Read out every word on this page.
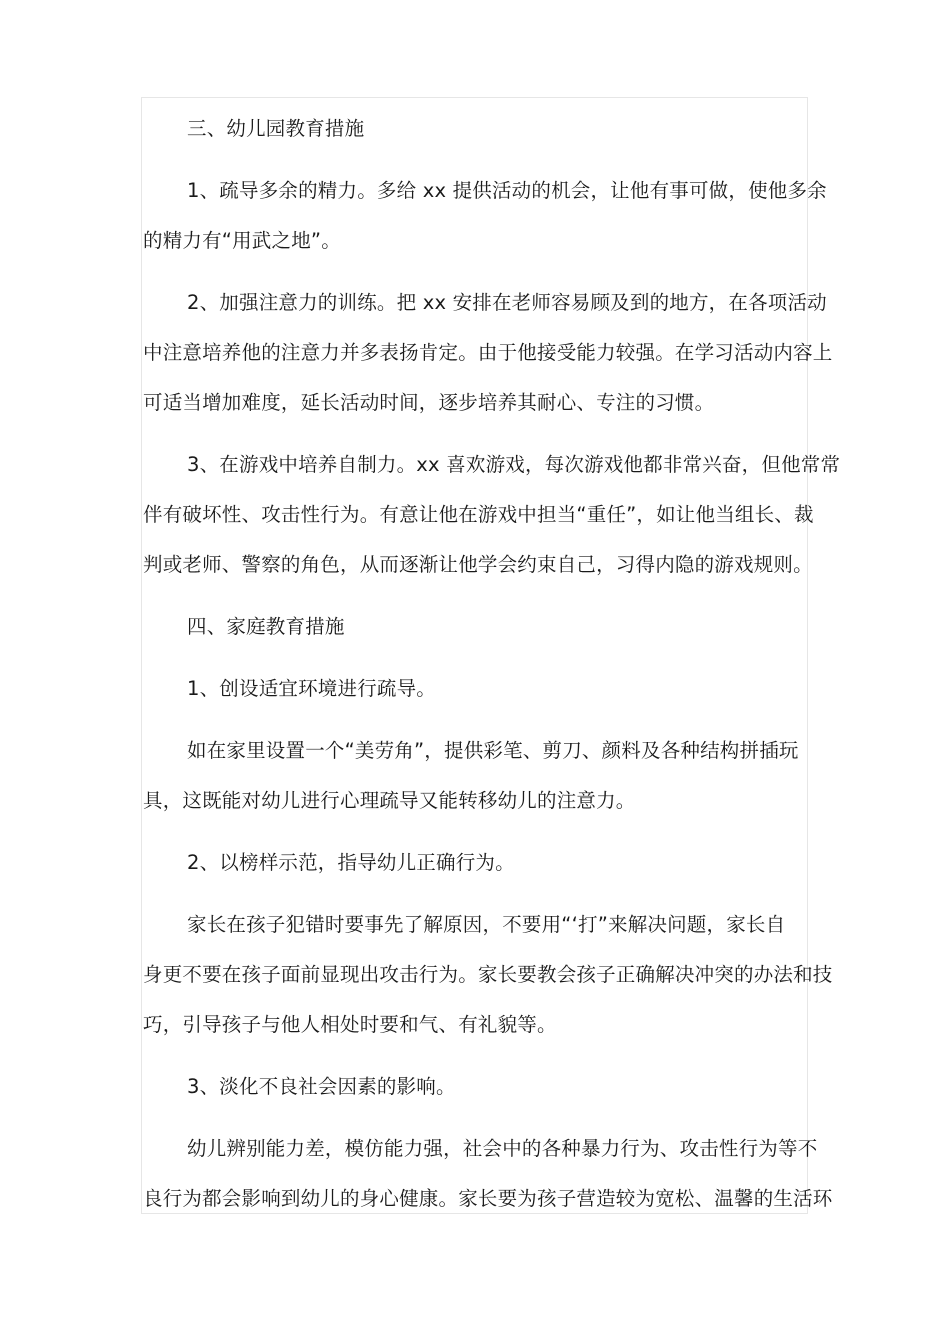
三、幼儿园教育措施

1、疏导多余的精力。多给 xx 提供活动的机会，让他有事可做，使他多余
的精力有“用武之地”。

2、加强注意力的训练。把 xx 安排在老师容易顾及到的地方，在各项活动
中注意培养他的注意力并多表扬肯定。由于他接受能力较强。在学习活动内容上
可适当增加难度，延长活动时间，逐步培养其耐心、专注的习惯。

3、在游戏中培养自制力。xx 喜欢游戏，每次游戏他都非常兴奋，但他常常
伴有破坏性、攻击性行为。有意让他在游戏中担当“重任”，如让他当组长、裁
判或老师、警察的角色，从而逐渐让他学会约束自己，习得内隐的游戏规则。

四、家庭教育措施

1、创设适宜环境进行疏导。

如在家里设置一个“美劳角”，提供彩笔、剪刀、颜料及各种结构拼插玩
具，这既能对幼儿进行心理疏导又能转移幼儿的注意力。

2、以榜样示范，指导幼儿正确行为。

家长在孩子犯错时要事先了解原因，不要用“‘打”来解决问题，家长自
身更不要在孩子面前显现出攻击行为。家长要教会孩子正确解决冲突的办法和技
巧，引导孩子与他人相处时要和气、有礼貌等。

3、淡化不良社会因素的影响。

幼儿辨别能力差，模仿能力强，社会中的各种暴力行为、攻击性行为等不
良行为都会影响到幼儿的身心健康。家长要为孩子营造较为宽松、温馨的生活环
